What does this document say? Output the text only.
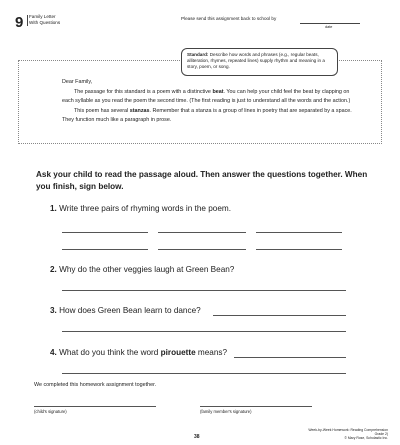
9 Family Letter
With Questions
Please send this assignment back to school by
date
Standard: Describe how words and phrases (e.g., regular beats, alliteration, rhymes, repeated lines) supply rhythm and meaning in a story, poem, or song.

Dear Family,

The passage for this standard is a poem with a distinctive beat. You can help your child feel the beat by clapping on each syllable as you read the poem the second time. (The first reading is just to understand all the words and the action.)

This poem has several stanzas. Remember that a stanza is a group of lines in poetry that are separated by a space. They function much like a paragraph in prose.

Ask your child to read the passage aloud. Then answer the questions together. When you finish, sign below.
1. Write three pairs of rhyming words in the poem.
2. Why do the other veggies laugh at Green Bean?
3. How does Green Bean learn to dance?
4. What do you think the word pirouette means?
We completed this homework assignment together.
(child's signature)	(family member's signature)
38
Week-by-Week Homework: Reading Comprehension Grade 2)
© Mary Rose, Scholastic Inc.
